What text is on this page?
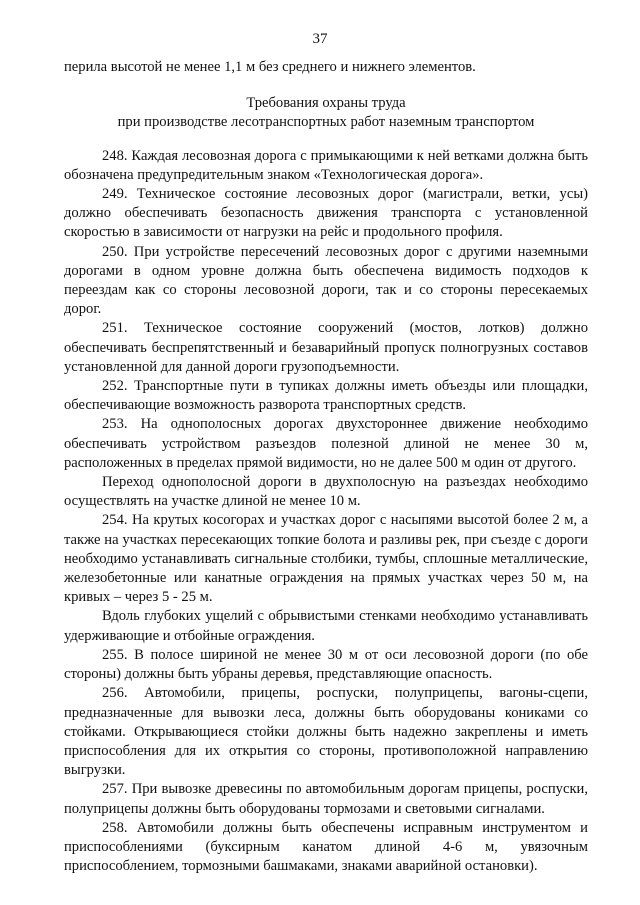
37

перила высотой не менее 1,1 м без среднего и нижнего элементов.

Требования охраны труда
при производстве лесотранспортных работ наземным транспортом

248. Каждая лесовозная дорога с примыкающими к ней ветками должна быть обозначена предупредительным знаком «Технологическая дорога».

249. Техническое состояние лесовозных дорог (магистрали, ветки, усы) должно обеспечивать безопасность движения транспорта с установленной скоростью в зависимости от нагрузки на рейс и продольного профиля.

250. При устройстве пересечений лесовозных дорог с другими наземными дорогами в одном уровне должна быть обеспечена видимость подходов к переездам как со стороны лесовозной дороги, так и со стороны пересекаемых дорог.

251. Техническое состояние сооружений (мостов, лотков) должно обеспечивать беспрепятственный и безаварийный пропуск полногрузных составов установленной для данной дороги грузоподъемности.

252. Транспортные пути в тупиках должны иметь объезды или площадки, обеспечивающие возможность разворота транспортных средств.

253. На однополосных дорогах двухстороннее движение необходимо обеспечивать устройством разъездов полезной длиной не менее 30 м, расположенных в пределах прямой видимости, но не далее 500 м один от другого.

Переход однополосной дороги в двухполосную на разъездах необходимо осуществлять на участке длиной не менее 10 м.

254. На крутых косогорах и участках дорог с насыпями высотой более 2 м, а также на участках пересекающих топкие болота и разливы рек, при съезде с дороги необходимо устанавливать сигнальные столбики, тумбы, сплошные металлические, железобетонные или канатные ограждения на прямых участках через 50 м, на кривых – через 5 - 25 м.

Вдоль глубоких ущелий с обрывистыми стенками необходимо устанавливать удерживающие и отбойные ограждения.

255. В полосе шириной не менее 30 м от оси лесовозной дороги (по обе стороны) должны быть убраны деревья, представляющие опасность.

256. Автомобили, прицепы, роспуски, полуприцепы, вагоны-сцепи, предназначенные для вывозки леса, должны быть оборудованы кониками со стойками. Открывающиеся стойки должны быть надежно закреплены и иметь приспособления для их открытия со стороны, противоположной направлению выгрузки.

257. При вывозке древесины по автомобильным дорогам прицепы, роспуски, полуприцепы должны быть оборудованы тормозами и световыми сигналами.

258. Автомобили должны быть обеспечены исправным инструментом и приспособлениями (буксирным канатом длиной 4-6 м, увязочным приспособлением, тормозными башмаками, знаками аварийной остановки).
